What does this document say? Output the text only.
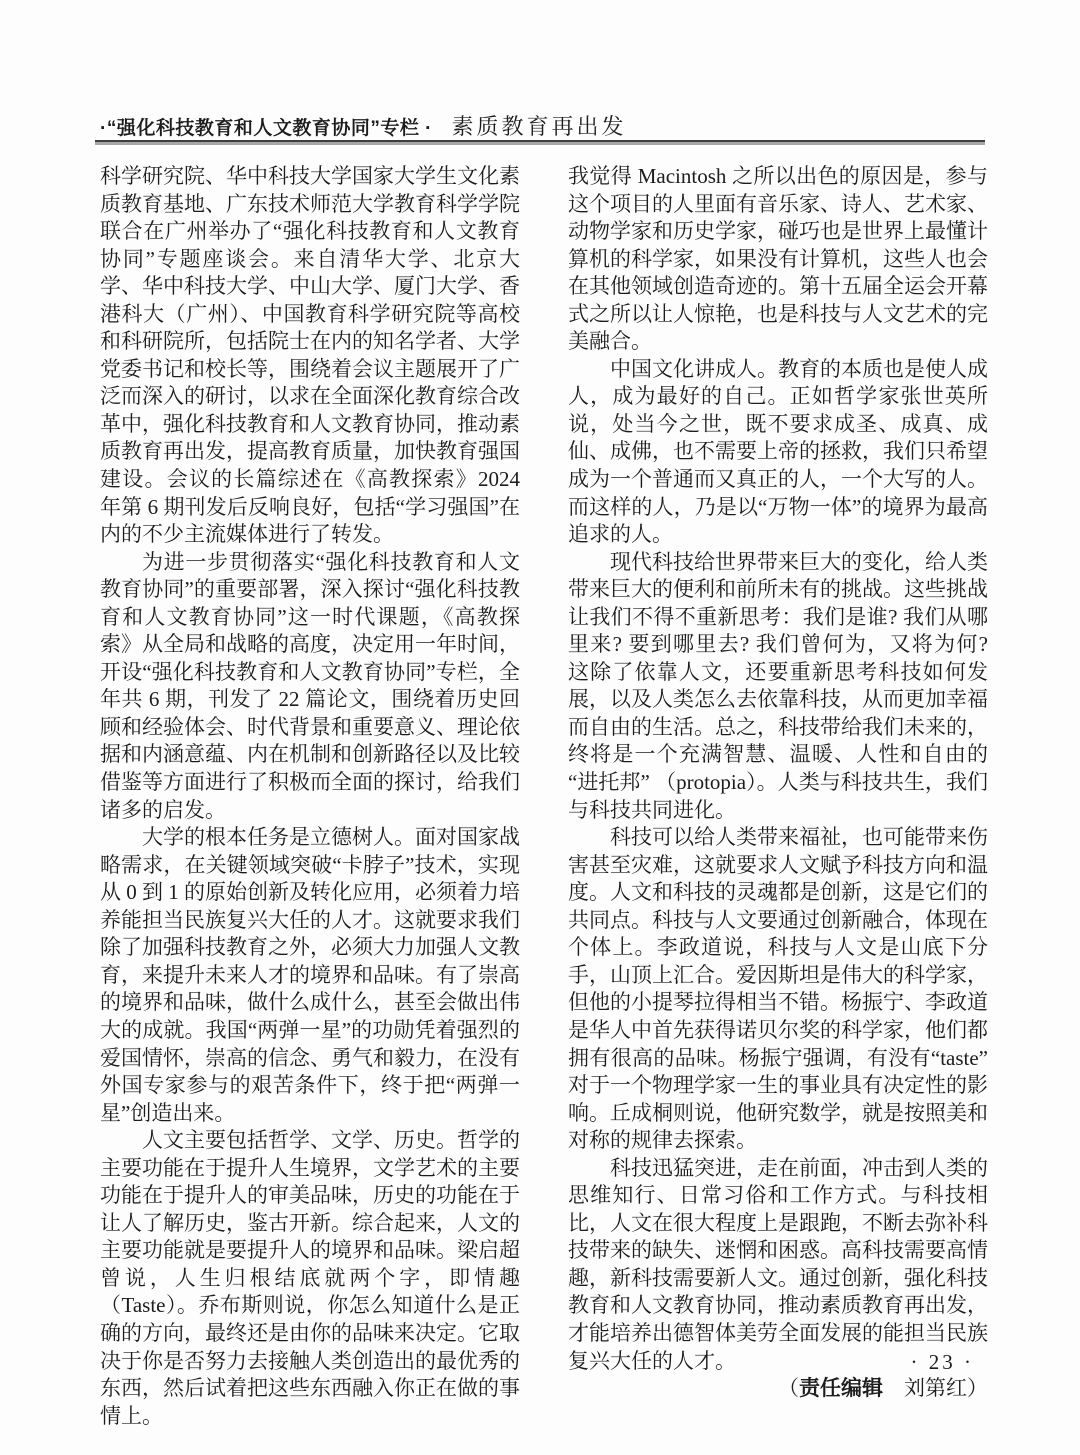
·“强化科技教育和人文教育协同”专栏 · 素质教育再出发

科学研究院、华中科技大学国家大学生文化素质教育基地、广东技术师范大学教育科学学院联合在广州举办了“强化科技教育和人文教育协同”专题座谈会。来自清华大学、北京大学、华中科技大学、中山大学、厦门大学、香港科大（广州）、中国教育科学研究院等高校和科研院所，包括院士在内的知名学者、大学党委书记和校长等，围绕着会议主题展开了广泛而深入的研讨，以求在全面深化教育综合改革中，强化科技教育和人文教育协同，推动素质教育再出发，提高教育质量，加快教育强国建设。会议的长篇综述在《高教探索》2024 年第 6 期刊发后反响良好，包括“学习强国”在内的不少主流媒体进行了转发。

为进一步贯彻落实“强化科技教育和人文教育协同”的重要部署，深入探讨“强化科技教育和人文教育协同”这一时代课题，《高教探索》从全局和战略的高度，决定用一年时间，开设“强化科技教育和人文教育协同”专栏，全年共 6 期，刊发了 22 篇论文，围绕着历史回顾和经验体会、时代背景和重要意义、理论依据和内涵意蕴、内在机制和创新路径以及比较借鉴等方面进行了积极而全面的探讨，给我们诸多的启发。

大学的根本任务是立德树人。面对国家战略需求，在关键领域突破“卡脖子”技术，实现从 0 到 1 的原始创新及转化应用，必须着力培养能担当民族复兴大任的人才。这就要求我们除了加强科技教育之外，必须大力加强人文教育，来提升未来人才的境界和品味。有了崇高的境界和品味，做什么成什么，甚至会做出伟大的成就。我国“两弹一星”的功勋凭着强烈的爱国情怀，崇高的信念、勇气和毅力，在没有外国专家参与的艰苦条件下，终于把“两弹一星”创造出来。

人文主要包括哲学、文学、历史。哲学的主要功能在于提升人生境界，文学艺术的主要功能在于提升人的审美品味，历史的功能在于让人了解历史，鉴古开新。综合起来，人文的主要功能就是要提升人的境界和品味。梁启超曾说，人生归根结底就两个字，即情趣（Taste）。乔布斯则说，你怎么知道什么是正确的方向，最终还是由你的品味来决定。它取决于你是否努力去接触人类创造出的最优秀的东西，然后试着把这些东西融入你正在做的事情上。

我觉得 Macintosh 之所以出色的原因是，参与这个项目的人里面有音乐家、诗人、艺术家、动物学家和历史学家，碰巧也是世界上最懂计算机的科学家，如果没有计算机，这些人也会在其他领域创造奇迹的。第十五届全运会开幕式之所以让人惊艳，也是科技与人文艺术的完美融合。

中国文化讲成人。教育的本质也是使人成人，成为最好的自己。正如哲学家张世英所说，处当今之世，既不要求成圣、成真、成仙、成佛，也不需要上帝的拯救，我们只希望成为一个普通而又真正的人，一个大写的人。而这样的人，乃是以“万物一体”的境界为最高追求的人。

现代科技给世界带来巨大的变化，给人类带来巨大的便利和前所未有的挑战。这些挑战让我们不得不重新思考：我们是谁? 我们从哪里来? 要到哪里去? 我们曾何为，又将为何? 这除了依靠人文，还要重新思考科技如何发展，以及人类怎么去依靠科技，从而更加幸福而自由的生活。总之，科技带给我们未来的，终将是一个充满智慧、温暖、人性和自由的“进托邦” （protopia）。人类与科技共生，我们与科技共同进化。

科技可以给人类带来福祉，也可能带来伤害甚至灾难，这就要求人文赋予科技方向和温度。人文和科技的灵魂都是创新，这是它们的共同点。科技与人文要通过创新融合，体现在个体上。李政道说，科技与人文是山底下分手，山顶上汇合。爱因斯坦是伟大的科学家，但他的小提琴拉得相当不错。杨振宁、李政道是华人中首先获得诺贝尔奖的科学家，他们都拥有很高的品味。杨振宁强调，有没有“taste”对于一个物理学家一生的事业具有决定性的影响。丘成桐则说，他研究数学，就是按照美和对称的规律去探索。

科技迅猛突进，走在前面，冲击到人类的思维知行、日常习俗和工作方式。与科技相比，人文在很大程度上是跟跑，不断去弥补科技带来的缺失、迷惘和困惑。高科技需要高情趣，新科技需要新人文。通过创新，强化科技教育和人文教育协同，推动素质教育再出发，才能培养出德智体美劳全面发展的能担当民族复兴大任的人才。

（责任编辑　 刘第红）

· 23 ·
